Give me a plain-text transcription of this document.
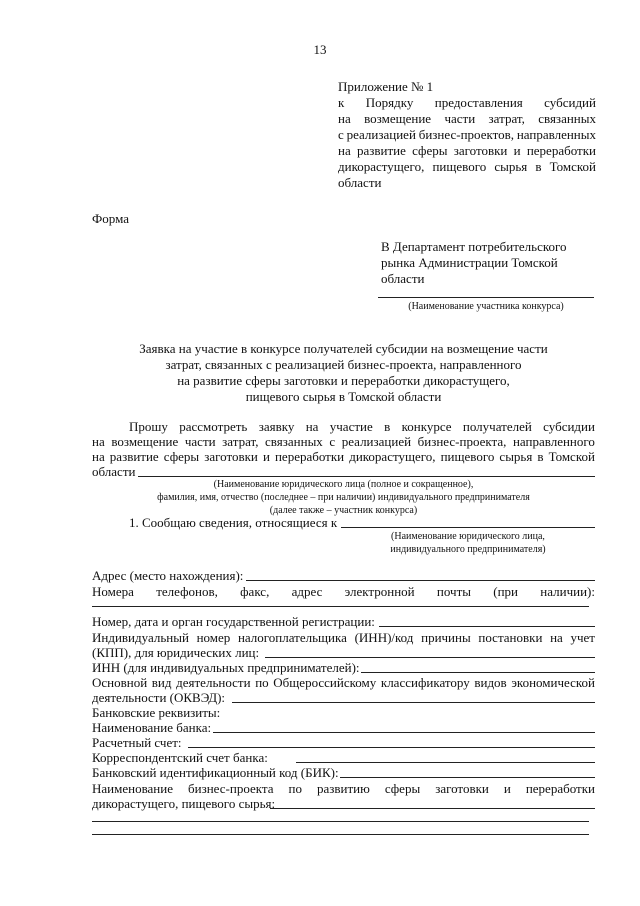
13
Приложение № 1
к Порядку предоставления субсидий
на возмещение части затрат, связанных
с реализацией бизнес-проектов, направленных
на развитие сферы заготовки и переработки
дикорастущего, пищевого сырья в Томской
области
Форма
В Департамент потребительского
рынка Администрации Томской
области
(Наименование участника конкурса)
Заявка на участие в конкурсе получателей субсидии на возмещение части
затрат, связанных с реализацией бизнес-проекта, направленного
на развитие сферы заготовки и переработки дикорастущего,
пищевого сырья в Томской области
Прошу рассмотреть заявку на участие в конкурсе получателей субсидии
на возмещение части затрат, связанных с реализацией бизнес-проекта, направленного
на развитие сферы заготовки и переработки дикорастущего, пищевого сырья в Томской
области
(Наименование юридического лица (полное и сокращенное),
фамилия, имя, отчество (последнее – при наличии) индивидуального предпринимателя
(далее также – участник конкурса)
1. Сообщаю сведения, относящиеся к
(Наименование юридического лица,
индивидуального предпринимателя)
Адрес (место нахождения):
Номера телефонов, факс, адрес электронной почты (при наличии):
Номер, дата и орган государственной регистрации:
Индивидуальный номер налогоплательщика (ИНН)/код причины постановки на учет
(КПП), для юридических лиц:
ИНН (для индивидуальных предпринимателей):
Основной вид деятельности по Общероссийскому классификатору видов экономической
деятельности (ОКВЭД):
Банковские реквизиты:
Наименование банка:
Расчетный счет:
Корреспондентский счет банка:
Банковский идентификационный код (БИК):
Наименование бизнес-проекта по развитию сферы заготовки и переработки
дикорастущего, пищевого сырья:
